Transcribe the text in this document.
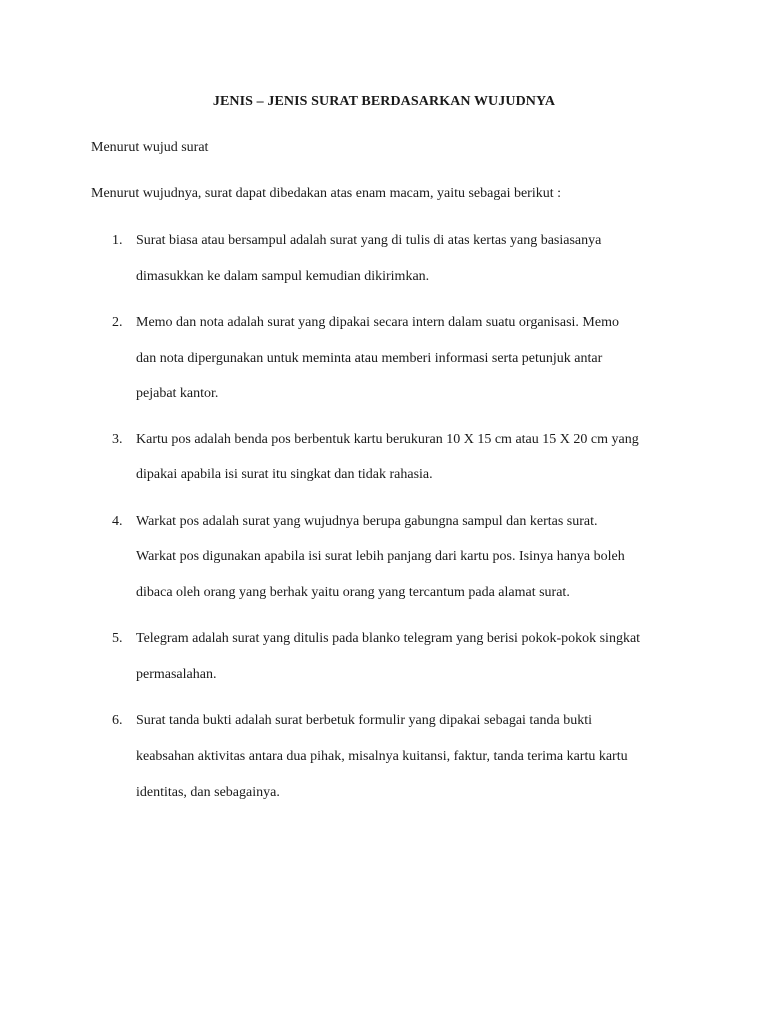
JENIS – JENIS SURAT BERDASARKAN WUJUDNYA
Menurut wujud surat
Menurut wujudnya, surat dapat dibedakan atas enam macam, yaitu sebagai berikut :
1. Surat biasa atau bersampul adalah surat yang di tulis di atas kertas yang basiasanya
dimasukkan ke dalam sampul kemudian dikirimkan.
2. Memo dan nota adalah surat yang dipakai secara intern dalam suatu organisasi. Memo
dan nota dipergunakan untuk meminta atau memberi informasi serta petunjuk antar
pejabat kantor.
3. Kartu pos adalah benda pos berbentuk kartu berukuran 10 X 15 cm atau 15 X 20 cm yang
dipakai apabila isi surat itu singkat dan tidak rahasia.
4. Warkat pos adalah surat yang wujudnya berupa gabungna sampul dan kertas surat.
Warkat pos digunakan apabila isi surat lebih panjang dari kartu pos. Isinya hanya boleh
dibaca oleh orang yang berhak yaitu orang yang tercantum pada alamat surat.
5. Telegram adalah surat yang ditulis pada blanko telegram yang berisi pokok-pokok singkat
permasalahan.
6. Surat tanda bukti adalah surat berbetuk formulir yang dipakai sebagai tanda bukti
keabsahan aktivitas antara dua pihak, misalnya kuitansi, faktur, tanda terima kartu kartu
identitas, dan sebagainya.
